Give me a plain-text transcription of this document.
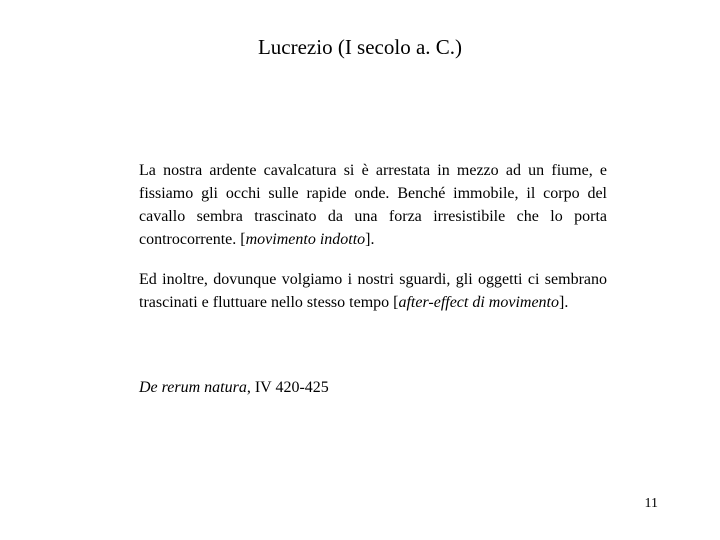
Lucrezio (I secolo a. C.)

La nostra ardente cavalcatura si è arrestata in mezzo ad un fiume, e fissiamo gli occhi sulle rapide onde. Benché immobile, il corpo del cavallo sembra trascinato da una forza irresistibile che lo porta controcorrente. [movimento indotto].

Ed inoltre, dovunque volgiamo i nostri sguardi, gli oggetti ci sembrano trascinati e fluttuare nello stesso tempo [after-effect di movimento].

De rerum natura, IV 420-425

11
